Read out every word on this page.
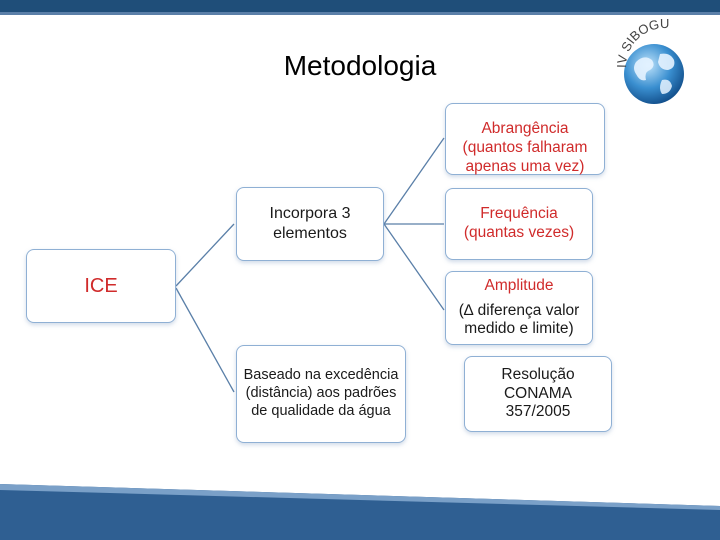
Metodologia	IV SIBOGU
ICE
Incorpora 3
elementos
Baseado na excedência
(distância) aos padrões
de qualidade da água

Abrangência
(quantos falharam
apenas uma vez)

Frequência
(quantas vezes)
Amplitude
(∆ diferença valor
medido e limite)
Resolução
CONAMA
357/2005
